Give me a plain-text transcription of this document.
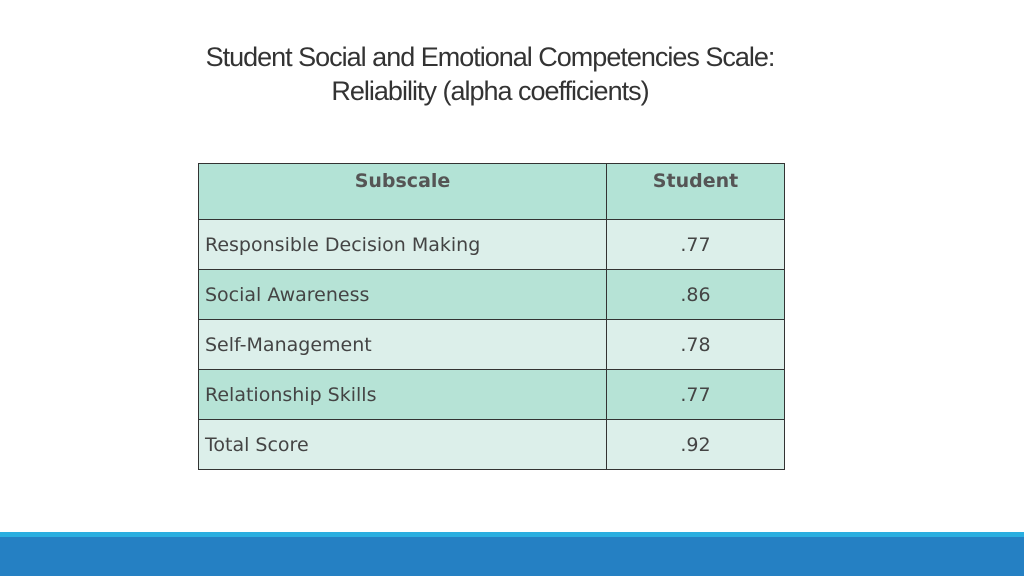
Student Social and Emotional Competencies Scale:
Reliability (alpha coefficients)
Subscale	Student
Responsible Decision Making	.77
Social Awareness	.86
Self-Management	.78
Relationship Skills	.77
Total Score	.92
